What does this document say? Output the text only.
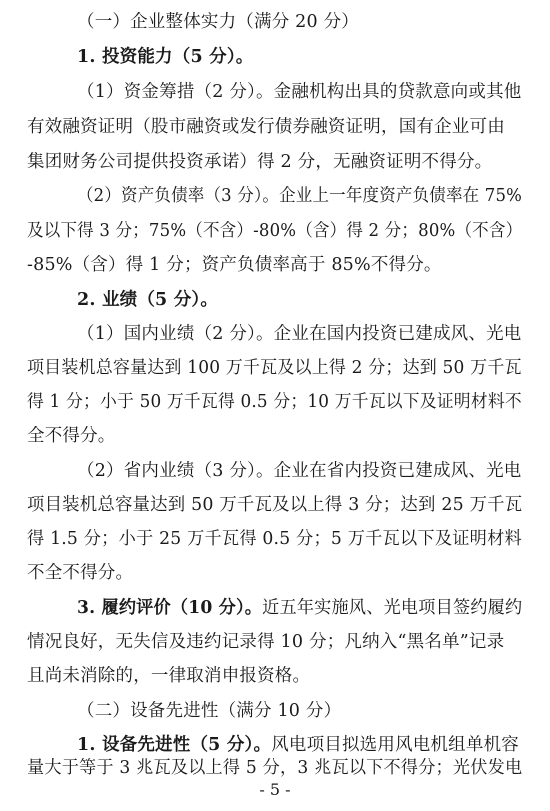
（一）企业整体实力（满分 20 分）
1. 投资能力（5 分）。
（1）资金筹措（2 分）。金融机构出具的贷款意向或其他
有效融资证明（股市融资或发行债券融资证明，国有企业可由
集团财务公司提供投资承诺）得 2 分，无融资证明不得分。
（2）资产负债率（3 分）。企业上一年度资产负债率在 75%
及以下得 3 分；75%（不含）-80%（含）得 2 分；80%（不含）
-85%（含）得 1 分；资产负债率高于 85%不得分。
2. 业绩（5 分）。
（1）国内业绩（2 分）。企业在国内投资已建成风、光电
项目装机总容量达到 100 万千瓦及以上得 2 分；达到 50 万千瓦
得 1 分；小于 50 万千瓦得 0.5 分；10 万千瓦以下及证明材料不
全不得分。
（2）省内业绩（3 分）。企业在省内投资已建成风、光电
项目装机总容量达到 50 万千瓦及以上得 3 分；达到 25 万千瓦
得 1.5 分；小于 25 万千瓦得 0.5 分；5 万千瓦以下及证明材料
不全不得分。
3. 履约评价（10 分）。近五年实施风、光电项目签约履约
情况良好，无失信及违约记录得 10 分；凡纳入“黑名单”记录
且尚未消除的，一律取消申报资格。
（二）设备先进性（满分 10 分）
1. 设备先进性（5 分）。风电项目拟选用风电机组单机容
量大于等于 3 兆瓦及以上得 5 分，3 兆瓦以下不得分；光伏发电
- 5 -
